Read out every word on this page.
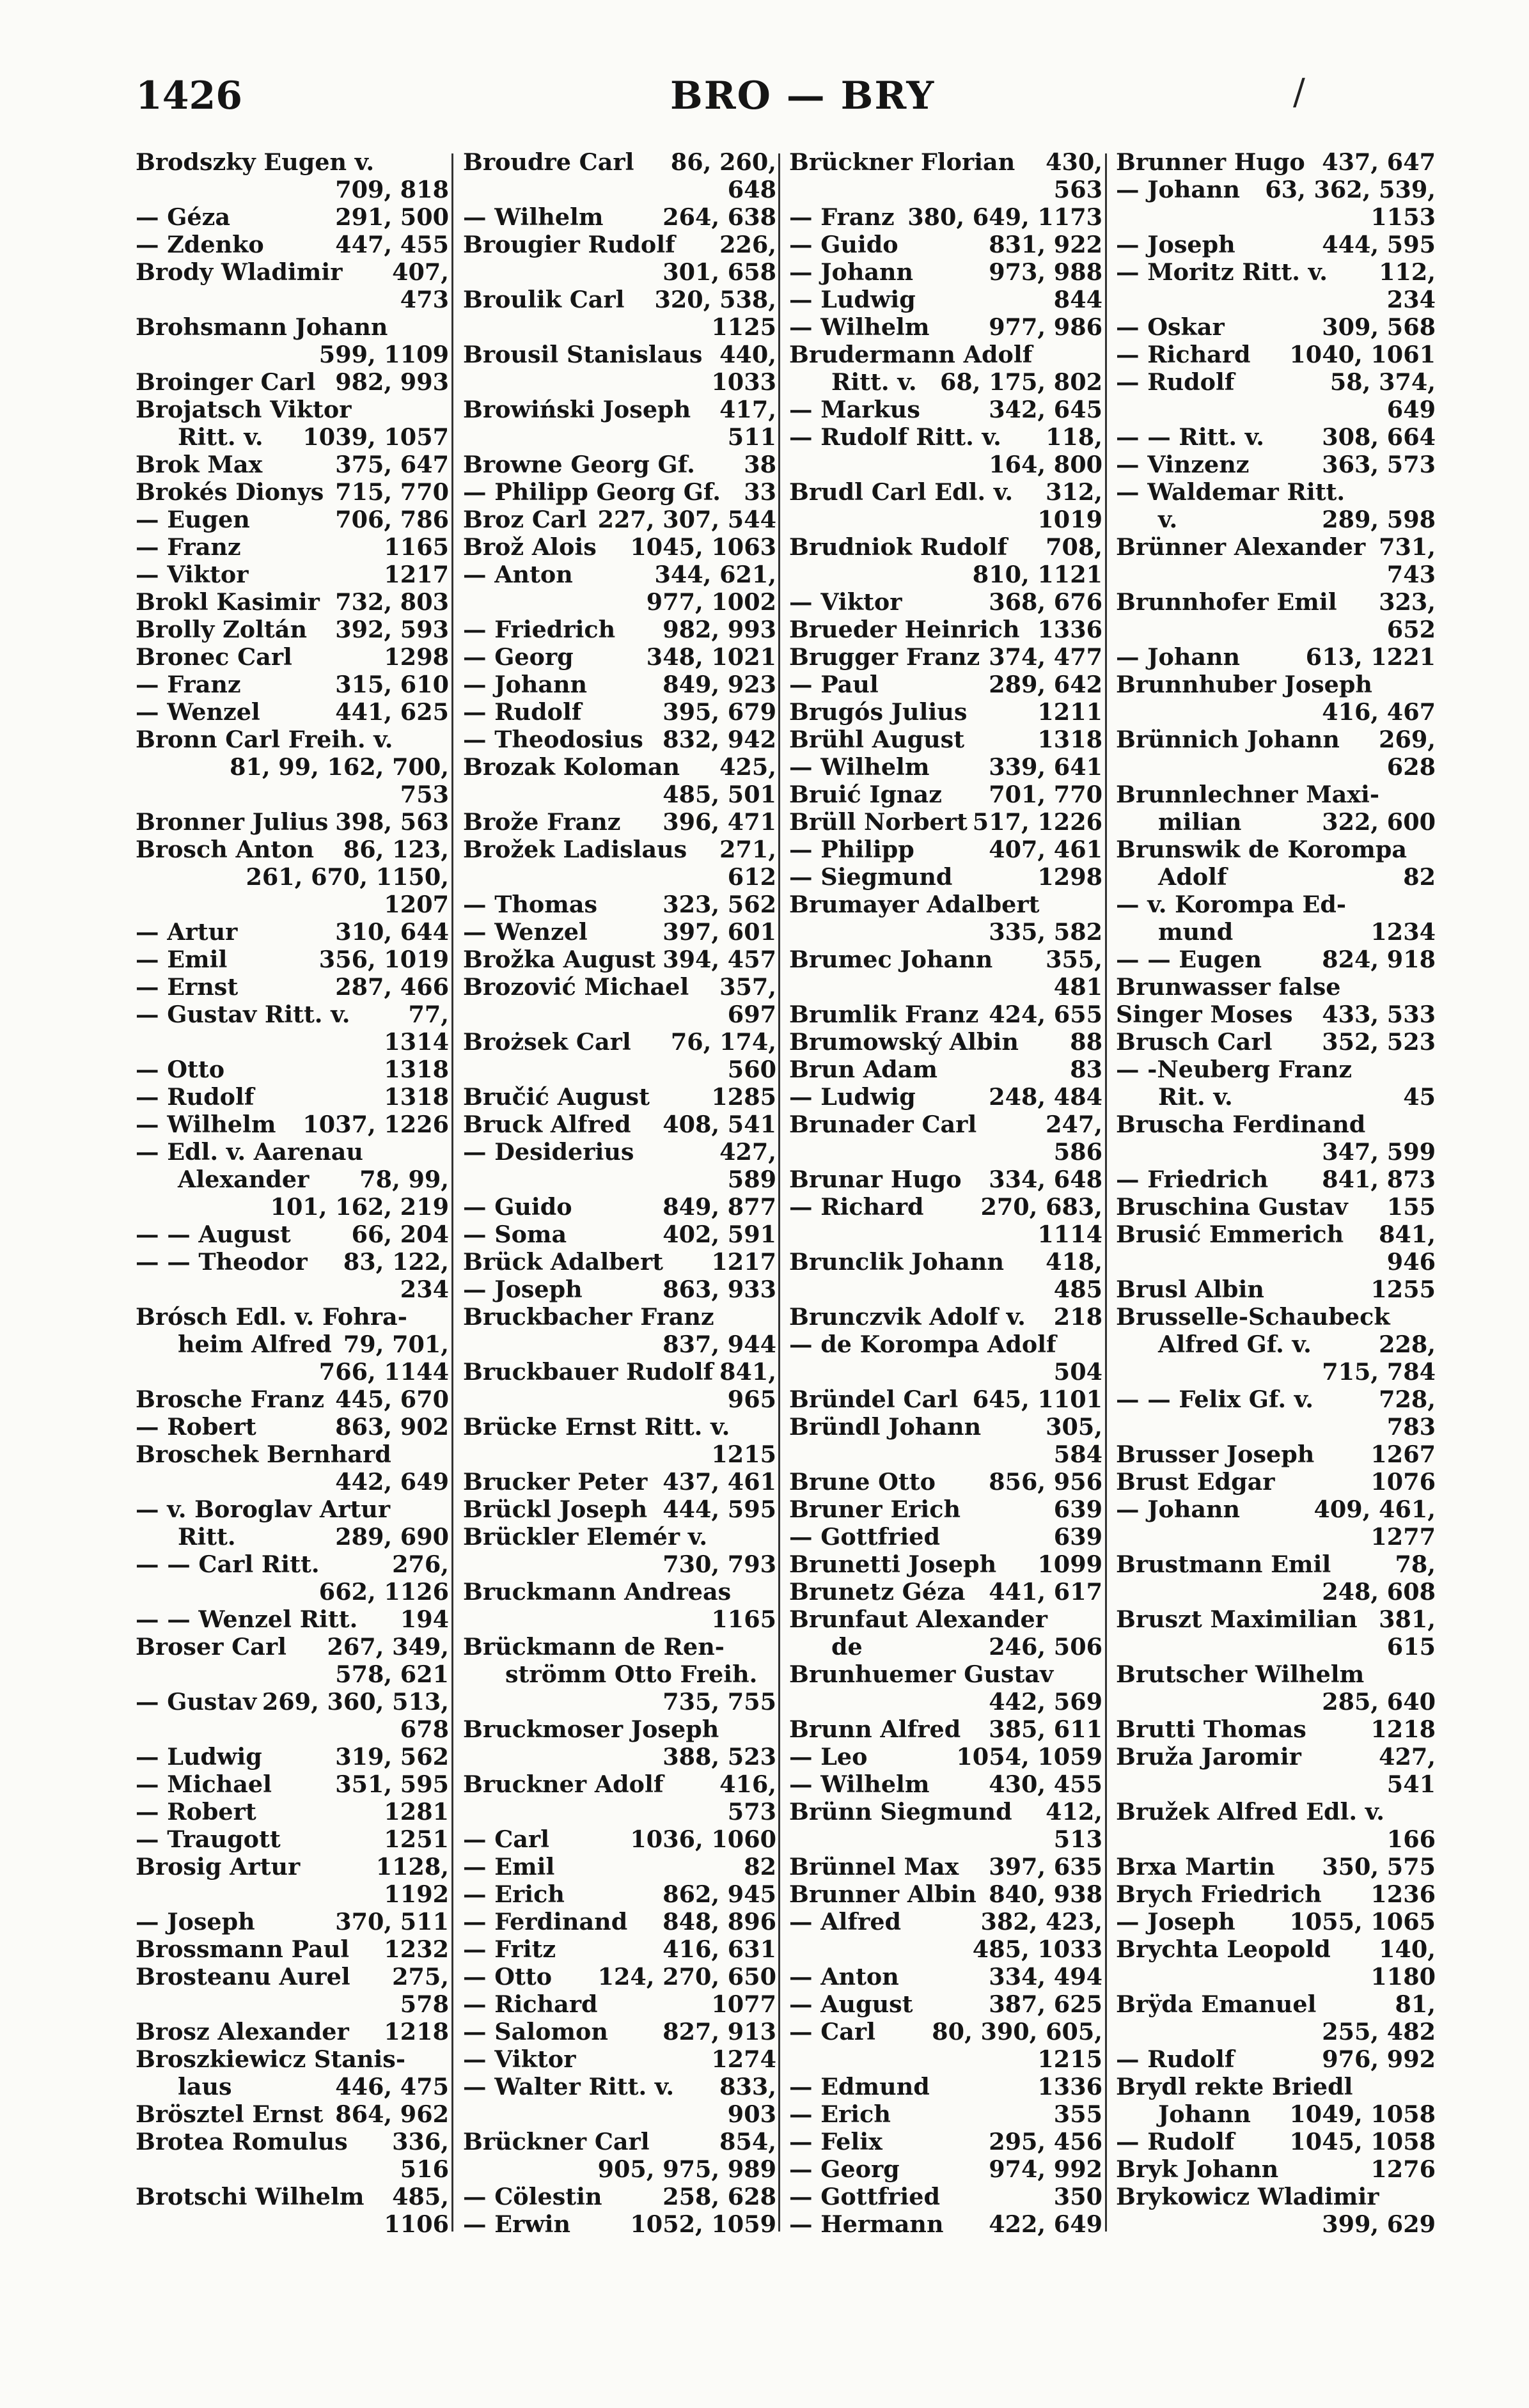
1426	BRO — BRY	/
Brodszky Eugen v.
709, 818
— Géza	291, 500
— Zdenko	447, 455
Brody Wladimir 407,
473
Brohsmann Johann
599, 1109
Broinger Carl 982, 993
Brojatsch Viktor
Ritt. v. 1039, 1057
Brok Max	375, 647
Brokés Dionys 715, 770
— Eugen	706, 786
— Franz	1165
— Viktor	1217
Brokl Kasimir 732, 803
Brolly Zoltán 392, 593
Bronec Carl	1298
— Franz	315, 610
— Wenzel	441, 625
Bronn Carl Freih. v.
81, 99, 162, 700,
753
Bronner Julius 398, 563
Brosch Anton 86, 123,
261, 670, 1150,
1207
— Artur	310, 644
— Emil	356, 1019
— Ernst	287, 466
— Gustav Ritt. v. 77,
1314
— Otto	1318
— Rudolf	1318
— Wilhelm 1037, 1226
— Edl. v. Aarenau
Alexander 78, 99,
101, 162, 219
— — August	66, 204
— — Theodor 83, 122,
234
Brósch Edl. v. Fohra-
heim Alfred 79, 701,
766, 1144
Brosche Franz 445, 670
— Robert	863, 902
Broschek Bernhard
442, 649
— v. Boroglav Artur
Ritt.	289, 690
— — Carl Ritt.	276,
662, 1126
— — Wenzel Ritt. 194
Broser Carl 267, 349,
578, 621
— Gustav 269, 360, 513,
678
— Ludwig	319, 562
— Michael	351, 595
— Robert	1281
— Traugott	1251
Brosig Artur	1128,
1192
— Joseph	370, 511
Brossmann Paul 1232
Brosteanu Aurel 275,
578
Brosz Alexander 1218
Broszkiewicz Stanis-
laus	446, 475
Brösztel Ernst 864, 962
Brotea Romulus 336,
516
Brotschi Wilhelm 485,
1106
Broudre Carl 86, 260,
648
— Wilhelm	264, 638
Brougier Rudolf 226,
301, 658
Broulik Carl 320, 538,
1125
Brousil Stanislaus 440,
1033
Browiński Joseph 417,
511
Browne Georg Gf. 38
— Philipp Georg Gf. 33
Broz Carl 227, 307, 544
Brož Alois 1045, 1063
— Anton	344, 621,
977, 1002
— Friedrich 982, 993
— Georg	348, 1021
— Johann	849, 923
— Rudolf	395, 679
— Theodosius 832, 942
Brozak Koloman 425,
485, 501
Brože Franz 396, 471
Brožek Ladislaus 271,
612
— Thomas	323, 562
— Wenzel	397, 601
Brožka August 394, 457
Brozović Michael 357,
697
Brożsek Carl 76, 174,
560
Bručić August	1285
Bruck Alfred 408, 541
— Desiderius	427,
589
— Guido	849, 877
— Soma	402, 591
Brück Adalbert 1217
— Joseph	863, 933
Bruckbacher Franz
837, 944
Bruckbauer Rudolf 841,
965
Brücke Ernst Ritt. v.
1215
Brucker Peter 437, 461
Brückl Joseph 444, 595
Brückler Elemér v.
730, 793
Bruckmann Andreas
1165
Brückmann de Ren-
strömm Otto Freih.
735, 755
Bruckmoser Joseph
388, 523
Bruckner Adolf 416,
573
— Carl	1036, 1060
— Emil	82
— Erich	862, 945
— Ferdinand 848, 896
— Fritz	416, 631
— Otto 124, 270, 650
— Richard	1077
— Salomon 827, 913
— Viktor	1274
— Walter Ritt. v. 833,
903
Brückner Carl	854,
905, 975, 989
— Cölestin	258, 628
— Erwin	1052, 1059
Brückner Florian 430,
563
— Franz 380, 649, 1173
— Guido	831, 922
— Johann	973, 988
— Ludwig	844
— Wilhelm	977, 986
Brudermann Adolf
Ritt. v. 68, 175, 802
— Markus	342, 645
— Rudolf Ritt. v. 118,
164, 800
Brudl Carl Edl. v. 312,
1019
Brudniok Rudolf 708,
810, 1121
— Viktor	368, 676
Brueder Heinrich 1336
Brugger Franz 374, 477
— Paul	289, 642
Brugós Julius	1211
Brühl August	1318
— Wilhelm	339, 641
Bruić Ignaz 701, 770
Brüll Norbert 517, 1226
— Philipp	407, 461
— Siegmund	1298
Brumayer Adalbert
335, 582
Brumec Johann 355,
481
Brumlik Franz 424, 655
Brumowský Albin 88
Brun Adam	83
— Ludwig	248, 484
Brunader Carl	247,
586
Brunar Hugo 334, 648
— Richard 270, 683,
1114
Brunclik Johann 418,
485
Brunczvik Adolf v. 218
— de Korompa Adolf
504
Bründel Carl 645, 1101
Bründl Johann	305,
584
Brune Otto 856, 956
Bruner Erich	639
— Gottfried	639
Brunetti Joseph 1099
Brunetz Géza 441, 617
Brunfaut Alexander
de	246, 506
Brunhuemer Gustav
442, 569
Brunn Alfred 385, 611
— Leo	1054, 1059
— Wilhelm	430, 455
Brünn Siegmund 412,
513
Brünnel Max 397, 635
Brunner Albin 840, 938
— Alfred	382, 423,
485, 1033
— Anton	334, 494
— August	387, 625
— Carl 80, 390, 605,
1215
— Edmund	1336
— Erich	355
— Felix	295, 456
— Georg	974, 992
— Gottfried	350
— Hermann 422, 649
Brunner Hugo 437, 647
— Johann 63, 362, 539,
1153
— Joseph	444, 595
— Moritz Ritt. v. 112,
234
— Oskar	309, 568
— Richard 1040, 1061
— Rudolf	58, 374,
649
— — Ritt. v. 308, 664
— Vinzenz	363, 573
— Waldemar Ritt.
v.	289, 598
Brünner Alexander 731,
743
Brunnhofer Emil 323,
652
— Johann	613, 1221
Brunnhuber Joseph
416, 467
Brünnich Johann 269,
628
Brunnlechner Maxi-
milian	322, 600
Brunswik de Korompa
Adolf	82
— v. Korompa Ed-
mund	1234
— — Eugen	824, 918
Brunwasser false
Singer Moses 433, 533
Brusch Carl 352, 523
— -Neuberg Franz
Rit. v.	45
Bruscha Ferdinand
347, 599
— Friedrich 841, 873
Bruschina Gustav 155
Brusić Emmerich 841,
946
Brusl Albin	1255
Brusselle-Schaubeck
Alfred Gf. v.	228,
715, 784
— — Felix Gf. v.	728,
783
Brusser Joseph 1267
Brust Edgar	1076
— Johann	409, 461,
1277
Brustmann Emil	78,
248, 608
Bruszt Maximilian 381,
615
Brutscher Wilhelm
285, 640
Brutti Thomas	1218
Bruža Jaromir	427,
541
Bružek Alfred Edl. v.
166
Brxa Martin 350, 575
Brych Friedrich 1236
— Joseph 1055, 1065
Brychta Leopold 140,
1180
Brÿda Emanuel	81,
255, 482
— Rudolf	976, 992
Brydl rekte Briedl
Johann 1049, 1058
— Rudolf 1045, 1058
Bryk Johann	1276
Brykowicz Wladimir
399, 629
